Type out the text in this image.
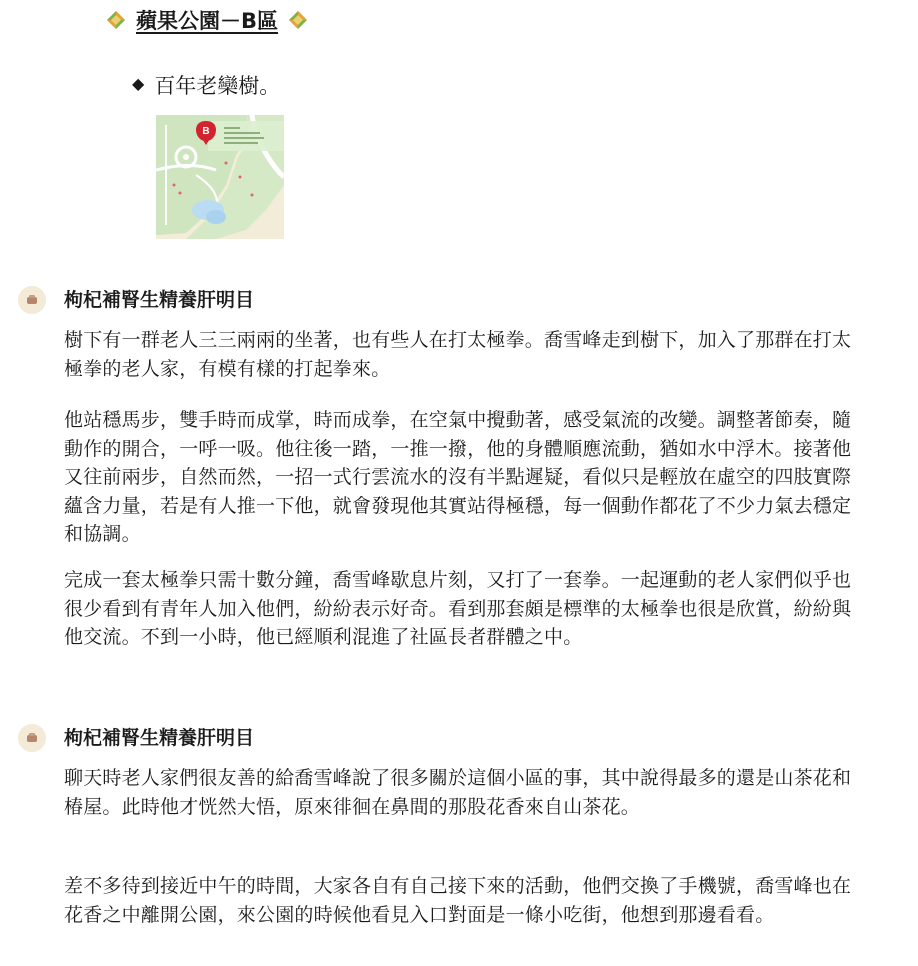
蘋果公園－B區
◆ 百年老欒樹。
B
枸杞補腎生精養肝明目

樹下有一群老人三三兩兩的坐著，也有些人在打太極拳。喬雪峰走到樹下，加入了那群在打太極拳的老人家，有模有樣的打起拳來。

他站穩馬步，雙手時而成掌，時而成拳，在空氣中攪動著，感受氣流的改變。調整著節奏，隨動作的開合，一呼一吸。他往後一踏，一推一撥，他的身體順應流動，猶如水中浮木。接著他又往前兩步，自然而然，一招一式行雲流水的沒有半點遲疑，看似只是輕放在虛空的四肢實際蘊含力量，若是有人推一下他，就會發現他其實站得極穩，每一個動作都花了不少力氣去穩定和協調。

完成一套太極拳只需十數分鐘，喬雪峰歇息片刻，又打了一套拳。一起運動的老人家們似乎也很少看到有青年人加入他們，紛紛表示好奇。看到那套頗是標準的太極拳也很是欣賞，紛紛與他交流。不到一小時，他已經順利混進了社區長者群體之中。

枸杞補腎生精養肝明目

聊天時老人家們很友善的給喬雪峰說了很多關於這個小區的事，其中說得最多的還是山茶花和椿屋。此時他才恍然大悟，原來徘徊在鼻間的那股花香來自山茶花。

差不多待到接近中午的時間，大家各自有自己接下來的活動，他們交換了手機號，喬雪峰也在花香之中離開公園，來公園的時候他看見入口對面是一條小吃街，他想到那邊看看。
